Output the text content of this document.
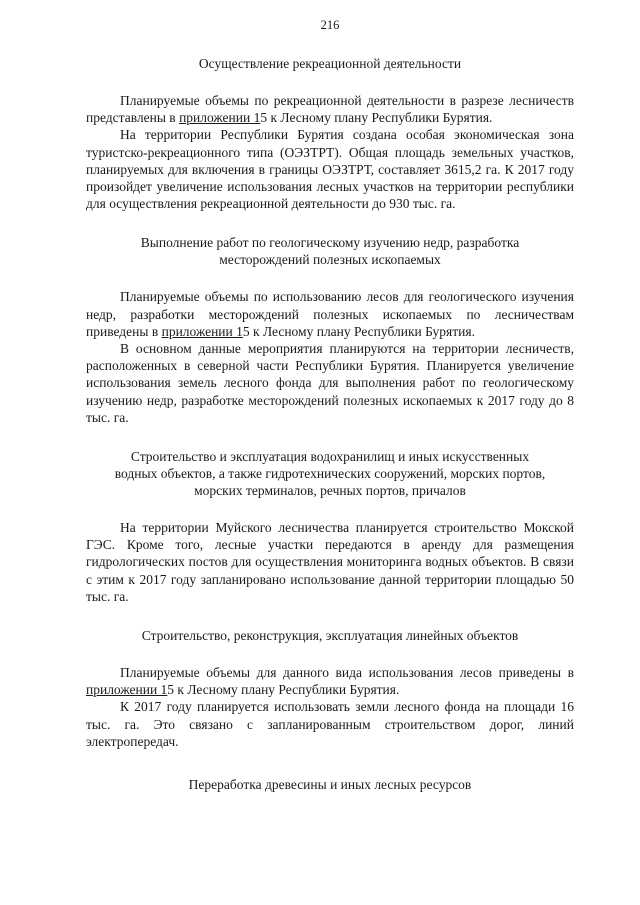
216
Осуществление рекреационной деятельности

Планируемые объемы по рекреационной деятельности в разрезе лесничеств представлены в приложении 15 к Лесному плану Республики Бурятия.

На территории Республики Бурятия создана особая экономическая зона туристско-рекреационного типа (ОЭЗТРТ). Общая площадь земельных участков, планируемых для включения в границы ОЭЗТРТ, составляет 3615,2 га. К 2017 году произойдет увеличение использования лесных участков на территории республики для осуществления рекреационной деятельности до 930 тыс. га.

Выполнение работ по геологическому изучению недр, разработка
месторождений полезных ископаемых

Планируемые объемы по использованию лесов для геологического изучения недр, разработки месторождений полезных ископаемых по лесничествам приведены в приложении 15 к Лесному плану Республики Бурятия.

В основном данные мероприятия планируются на территории лесничеств, расположенных в северной части Республики Бурятия. Планируется увеличение использования земель лесного фонда для выполнения работ по геологическому изучению недр, разработке месторождений полезных ископаемых к 2017 году до 8 тыс. га.

Строительство и эксплуатация водохранилищ и иных искусственных
водных объектов, а также гидротехнических сооружений, морских портов,
морских терминалов, речных портов, причалов

На территории Муйского лесничества планируется строительство Мокской ГЭС. Кроме того, лесные участки передаются в аренду для размещения гидрологических постов для осуществления мониторинга водных объектов. В связи с этим к 2017 году запланировано использование данной территории площадью 50 тыс. га.

Строительство, реконструкция, эксплуатация линейных объектов

Планируемые объемы для данного вида использования лесов приведены в приложении 15 к Лесному плану Республики Бурятия.

К 2017 году планируется использовать земли лесного фонда на площади 16 тыс. га. Это связано с запланированным строительством дорог, линий электропередач.

Переработка древесины и иных лесных ресурсов
